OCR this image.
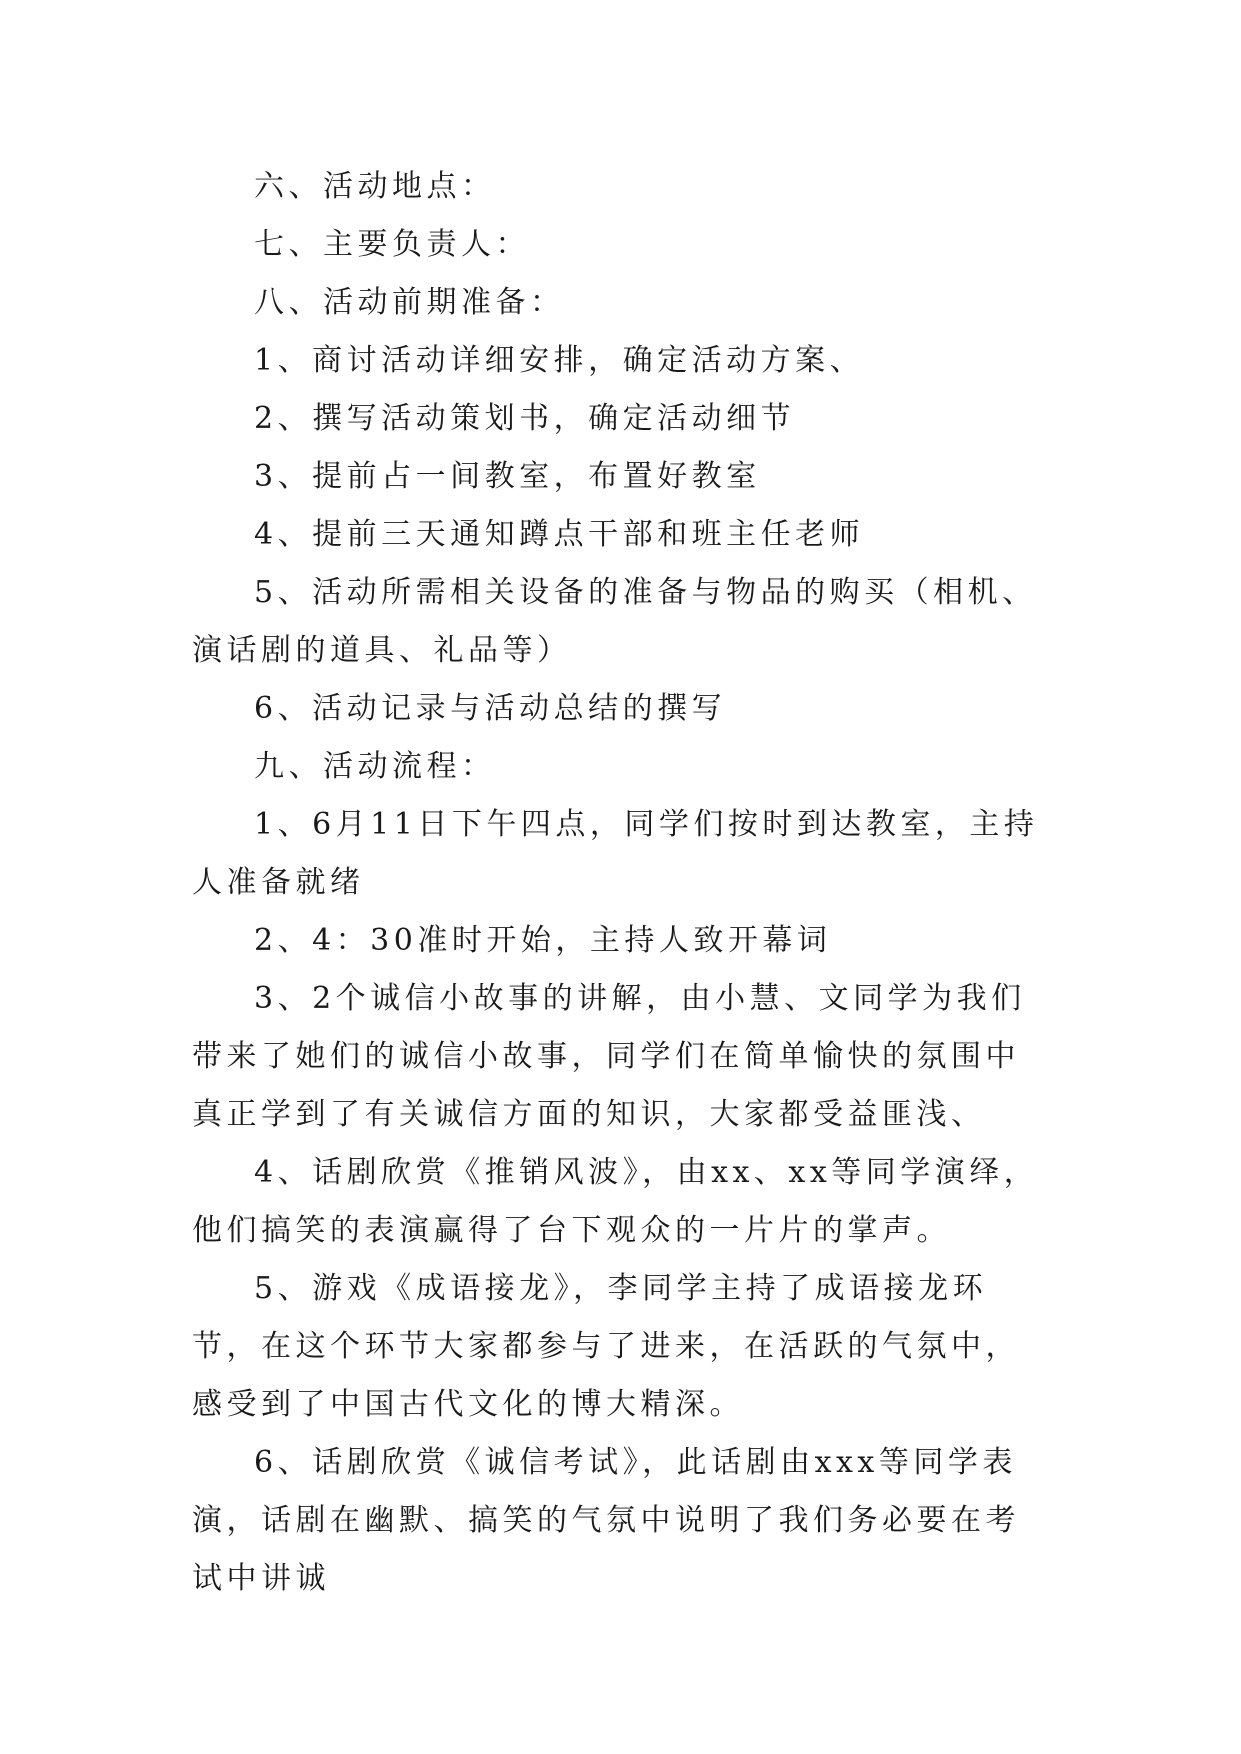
六、活动地点：

七、主要负责人：

八、活动前期准备：

1、商讨活动详细安排，确定活动方案、

2、撰写活动策划书，确定活动细节

3、提前占一间教室，布置好教室

4、提前三天通知蹲点干部和班主任老师

5、活动所需相关设备的准备与物品的购买（相机、演话剧的道具、礼品等）

6、活动记录与活动总结的撰写

九、活动流程：

1、6月11日下午四点，同学们按时到达教室，主持人准备就绪

2、4：30准时开始，主持人致开幕词

3、2个诚信小故事的讲解，由小慧、文同学为我们带来了她们的诚信小故事，同学们在简单愉快的氛围中真正学到了有关诚信方面的知识，大家都受益匪浅、

4、话剧欣赏《推销风波》，由xx、xx等同学演绎，他们搞笑的表演赢得了台下观众的一片片的掌声。

5、游戏《成语接龙》，李同学主持了成语接龙环节，在这个环节大家都参与了进来，在活跃的气氛中，感受到了中国古代文化的博大精深。

6、话剧欣赏《诚信考试》，此话剧由xxx等同学表演，话剧在幽默、搞笑的气氛中说明了我们务必要在考试中讲诚
